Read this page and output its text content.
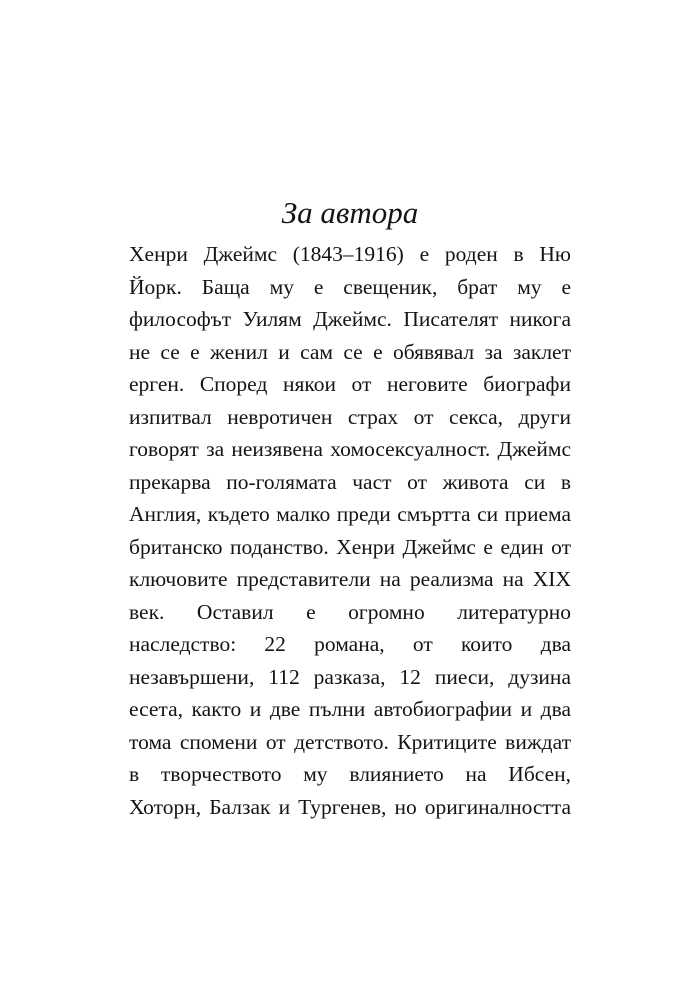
За автора
Хенри Джеймс (1843–1916) е роден в Ню
Йорк. Баща му е свещеник, брат му е
философът Уилям Джеймс. Писателят никога
не се е женил и сам се е обявявал за заклет
ерген. Според някои от неговите биографи
изпитвал невротичен страх от секса, други
говорят за неизявена хомосексуалност. Джеймс
прекарва по-голямата част от живота си в
Англия, където малко преди смъртта си приема
британско поданство. Хенри Джеймс е един от
ключовите представители на реализма на XIX
век. Оставил е огромно литературно
наследство: 22 романа, от които два
незавършени, 112 разказа, 12 пиеси, дузина
есета, както и две пълни автобиографии и два
тома спомени от детството. Критиците виждат
в творчеството му влиянието на Ибсен,
Хоторн, Балзак и Тургенев, но оригиналността
